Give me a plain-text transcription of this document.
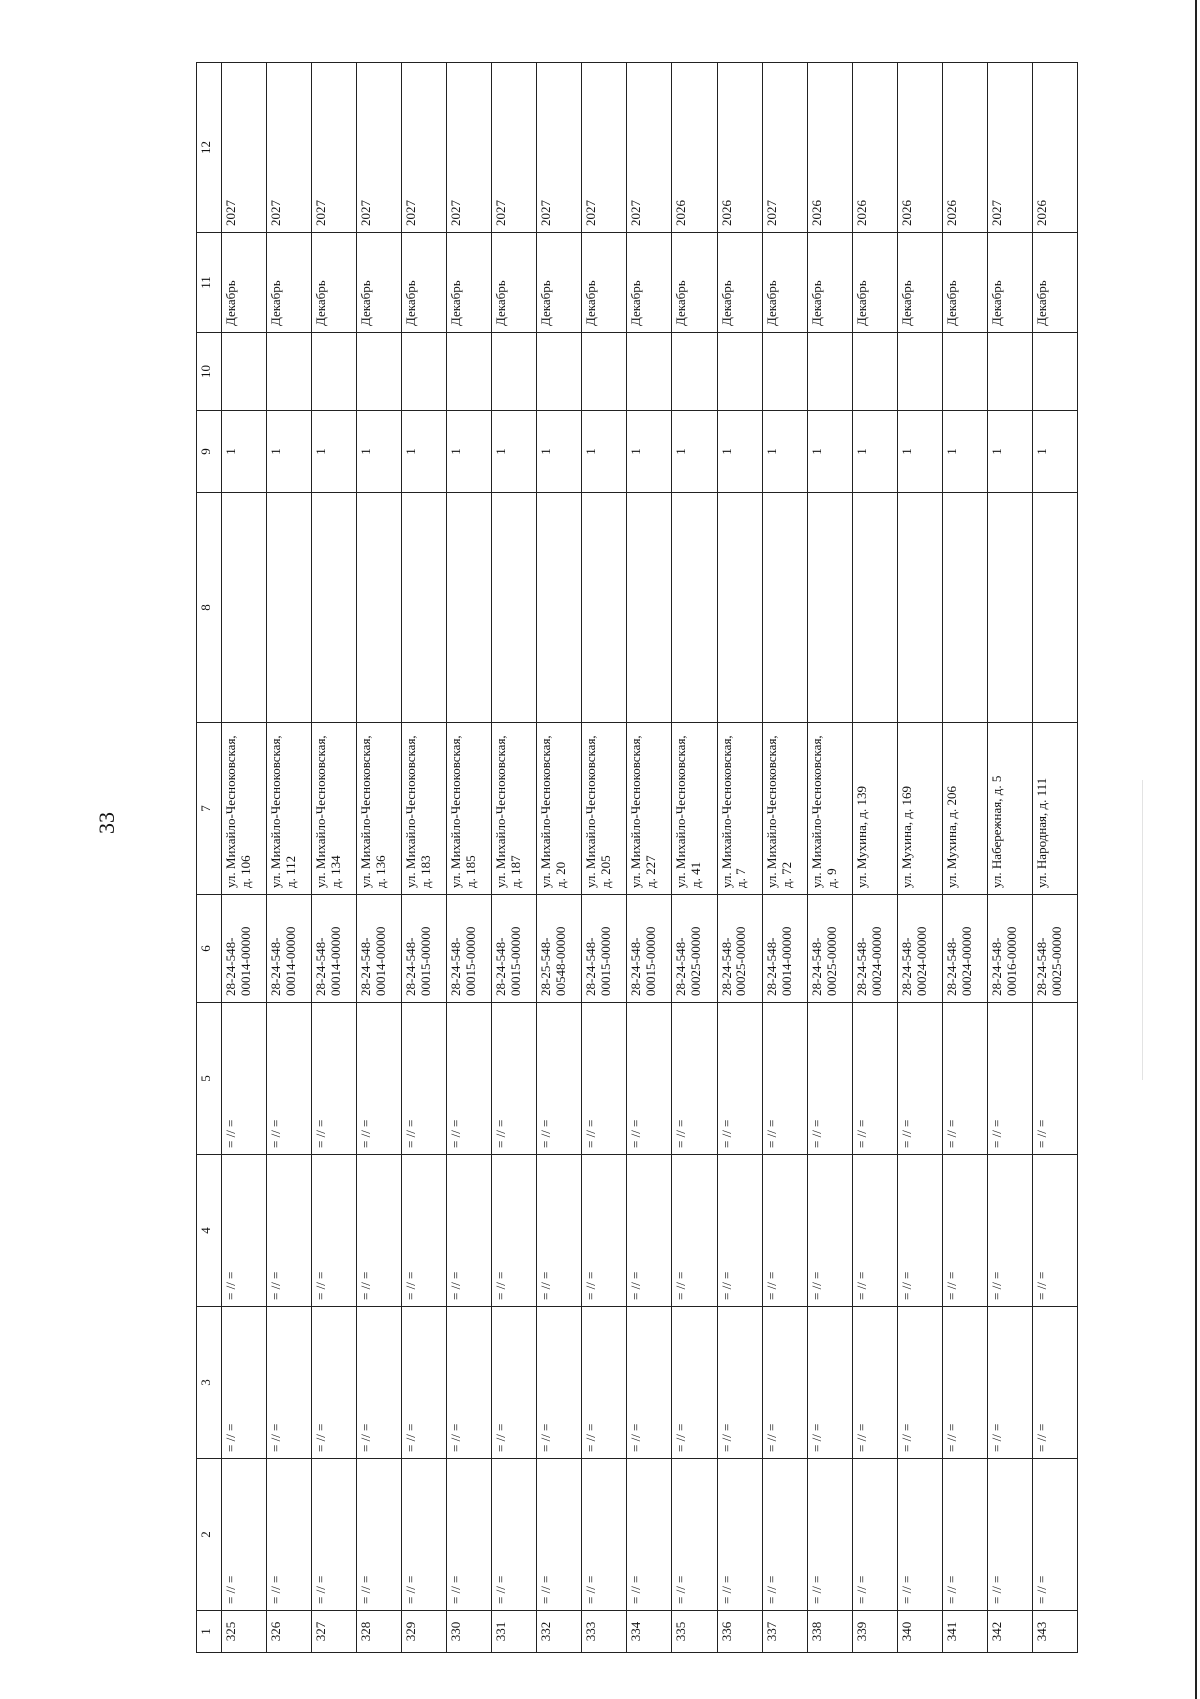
33
1	2	3	4	5	6	7	8	9	10	11	12
325	= // =	= // =	= // =	= // =	28-24-548-00014-00000	ул. Михайло-Чесноковская, д. 106		1		Декабрь	2027
326	= // =	= // =	= // =	= // =	28-24-548-00014-00000	ул. Михайло-Чесноковская, д. 112		1		Декабрь	2027
327	= // =	= // =	= // =	= // =	28-24-548-00014-00000	ул. Михайло-Чесноковская, д. 134		1		Декабрь	2027
328	= // =	= // =	= // =	= // =	28-24-548-00014-00000	ул. Михайло-Чесноковская, д. 136		1		Декабрь	2027
329	= // =	= // =	= // =	= // =	28-24-548-00015-00000	ул. Михайло-Чесноковская, д. 183		1		Декабрь	2027
330	= // =	= // =	= // =	= // =	28-24-548-00015-00000	ул. Михайло-Чесноковская, д. 185		1		Декабрь	2027
331	= // =	= // =	= // =	= // =	28-24-548-00015-00000	ул. Михайло-Чесноковская, д. 187		1		Декабрь	2027
332	= // =	= // =	= // =	= // =	28-25-548-00548-00000	ул. Михайло-Чесноковская, д. 20		1		Декабрь	2027
333	= // =	= // =	= // =	= // =	28-24-548-00015-00000	ул. Михайло-Чесноковская, д. 205		1		Декабрь	2027
334	= // =	= // =	= // =	= // =	28-24-548-00015-00000	ул. Михайло-Чесноковская, д. 227		1		Декабрь	2027
335	= // =	= // =	= // =	= // =	28-24-548-00025-00000	ул. Михайло-Чесноковская, д. 41		1		Декабрь	2026
336	= // =	= // =	= // =	= // =	28-24-548-00025-00000	ул. Михайло-Чесноковская, д. 7		1		Декабрь	2026
337	= // =	= // =	= // =	= // =	28-24-548-00014-00000	ул. Михайло-Чесноковская, д. 72		1		Декабрь	2027
338	= // =	= // =	= // =	= // =	28-24-548-00025-00000	ул. Михайло-Чесноковская, д. 9		1		Декабрь	2026
339	= // =	= // =	= // =	= // =	28-24-548-00024-00000	ул. Мухина, д. 139		1		Декабрь	2026
340	= // =	= // =	= // =	= // =	28-24-548-00024-00000	ул. Мухина, д. 169		1		Декабрь	2026
341	= // =	= // =	= // =	= // =	28-24-548-00024-00000	ул. Мухина, д. 206		1		Декабрь	2026
342	= // =	= // =	= // =	= // =	28-24-548-00016-00000	ул. Набережная, д. 5		1		Декабрь	2027
343	= // =	= // =	= // =	= // =	28-24-548-00025-00000	ул. Народная, д. 111		1		Декабрь	2026
